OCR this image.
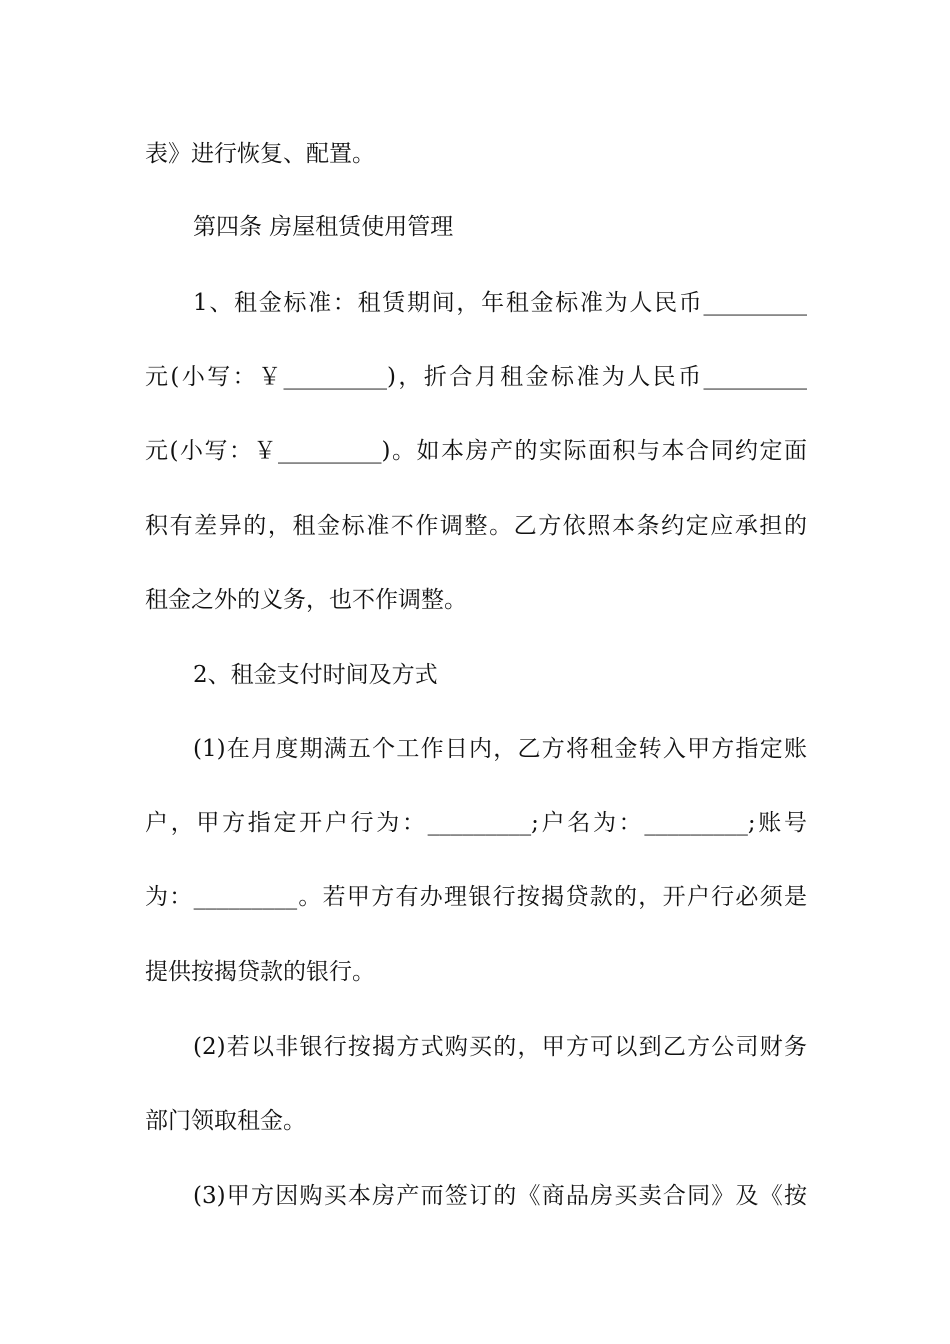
表》进行恢复、配置。
第四条 房屋租赁使用管理
1、租金标准：租赁期间，年租金标准为人民币_________
元(小写：￥_________)，折合月租金标准为人民币_________
元(小写：￥_________)。如本房产的实际面积与本合同约定面
积有差异的，租金标准不作调整。乙方依照本条约定应承担的
租金之外的义务，也不作调整。
2、租金支付时间及方式
(1)在月度期满五个工作日内，乙方将租金转入甲方指定账
户，甲方指定开户行为：_________;户名为：_________;账号
为：_________。若甲方有办理银行按揭贷款的，开户行必须是
提供按揭贷款的银行。
(2)若以非银行按揭方式购买的，甲方可以到乙方公司财务
部门领取租金。
(3)甲方因购买本房产而签订的《商品房买卖合同》及《按
